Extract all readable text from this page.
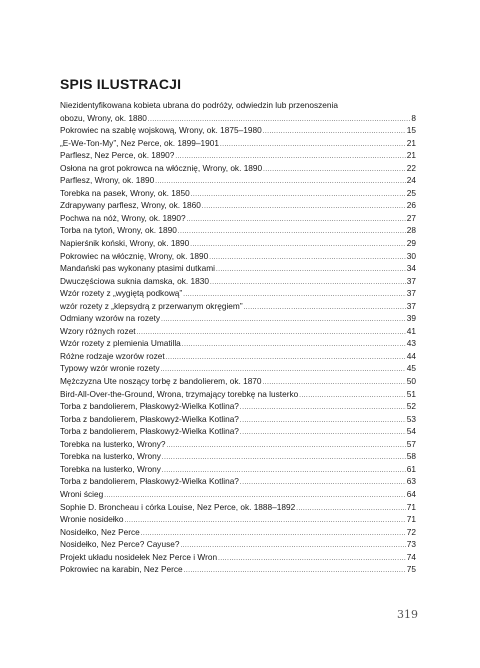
SPIS ILUSTRACJI
Niezidentyfikowana kobieta ubrana do podróży, odwiedzin lub przenoszenia
obozu, Wrony, ok. 1880 .....	8
Pokrowiec na szablę wojskową, Wrony, ok. 1875–1980 .....	15
„E-We-Ton-My”, Nez Perce, ok. 1899–1901 .....	21
Parflesz, Nez Perce, ok. 1890? .....	21
Osłona na grot pokrowca na włócznię, Wrony, ok. 1890 .....	22
Parflesz, Wrony, ok. 1890 .....	24
Torebka na pasek, Wrony, ok. 1850 .....	25
Zdrapywany parflesz, Wrony, ok. 1860 .....	26
Pochwa na nóż, Wrony, ok. 1890? .....	27
Torba na tytoń, Wrony, ok. 1890 .....	28
Napierśnik koński, Wrony, ok. 1890 .....	29
Pokrowiec na włócznię, Wrony, ok. 1890 .....	30
Mandański pas wykonany ptasimi dutkami .....	34
Dwuczęściowa suknia damska, ok. 1830 .....	37
Wzór rozety z „wygiętą podkową” .....	37
wzór rozety z „klepsydrą z przerwanym okręgiem” .....	37
Odmiany wzorów na rozety .....	39
Wzory różnych rozet .....	41
Wzór rozety z plemienia Umatilla .....	43
Różne rodzaje wzorów rozet .....	44
Typowy wzór wronie rozety .....	45
Mężczyzna Ute noszący torbę z bandolierem, ok. 1870 .....	50
Bird-All-Over-the-Ground, Wrona, trzymający torebkę na lusterko .....	51
Torba z bandolierem, Płaskowyż-Wielka Kotlina? .....	52
Torba z bandolierem, Płaskowyż-Wielka Kotlina? .....	53
Torba z bandolierem, Płaskowyż-Wielka Kotlina? .....	54
Torebka na lusterko, Wrony? .....	57
Torebka na lusterko, Wrony .....	58
Torebka na lusterko, Wrony .....	61
Torba z bandolierem, Płaskowyż-Wielka Kotlina? .....	63
Wroni ścieg .....	64
Sophie D. Broncheau i córka Louise, Nez Perce, ok. 1888–1892 .....	71
Wronie nosidełko .....	71
Nosidełko, Nez Perce .....	72
Nosidełko, Nez Perce? Cayuse? .....	73
Projekt układu nosidełek Nez Perce i Wron .....	74
Pokrowiec na karabin, Nez Perce .....	75
319
